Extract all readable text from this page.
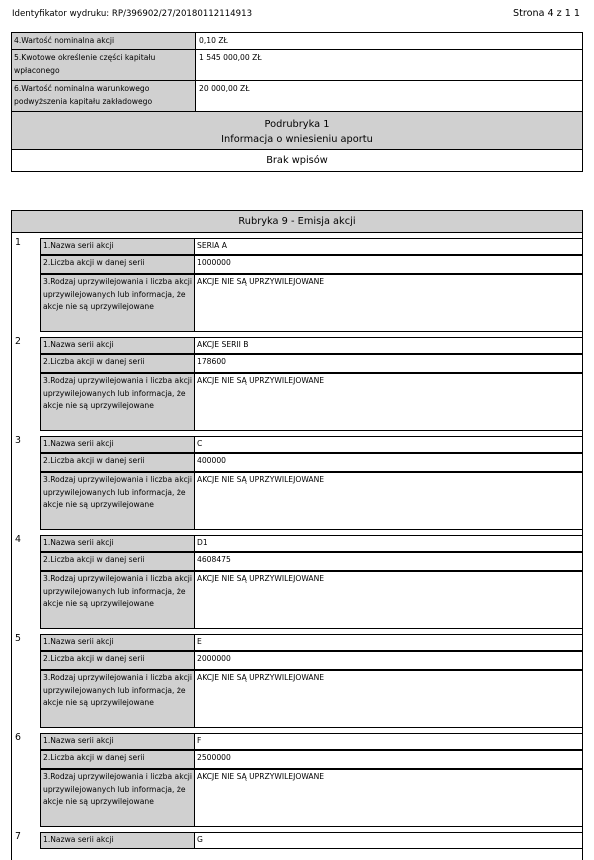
Identyfikator wydruku: RP/396902/27/20180112114913	Strona 4 z 1 1
4.Wartość nominalna akcji	0,10 ZŁ
5.Kwotowe określenie części kapitału wpłaconego
1 545 000,00 ZŁ
6.Wartość nominalna warunkowego podwyższenia kapitału zakładowego
20 000,00 ZŁ
Podrubryka 1
Informacja o wniesieniu aportu
Brak wpisów
Rubryka 9 - Emisja akcji
1	1.Nazwa serii akcji	SERIA A
2.Liczba akcji w danej serii	1000000
3.Rodzaj uprzywilejowania i liczba akcji uprzywilejowanych lub informacja, że akcje nie są uprzywilejowane
AKCJE NIE SĄ UPRZYWILEJOWANE
2	1.Nazwa serii akcji	AKCJE SERII B
2.Liczba akcji w danej serii	178600
3.Rodzaj uprzywilejowania i liczba akcji uprzywilejowanych lub informacja, że akcje nie są uprzywilejowane
AKCJE NIE SĄ UPRZYWILEJOWANE
3	1.Nazwa serii akcji	C
2.Liczba akcji w danej serii	400000
3.Rodzaj uprzywilejowania i liczba akcji uprzywilejowanych lub informacja, że akcje nie są uprzywilejowane
AKCJE NIE SĄ UPRZYWILEJOWANE
4	1.Nazwa serii akcji	D1
2.Liczba akcji w danej serii	4608475
3.Rodzaj uprzywilejowania i liczba akcji uprzywilejowanych lub informacja, że akcje nie są uprzywilejowane
AKCJE NIE SĄ UPRZYWILEJOWANE
5	1.Nazwa serii akcji	E
2.Liczba akcji w danej serii	2000000
3.Rodzaj uprzywilejowania i liczba akcji uprzywilejowanych lub informacja, że akcje nie są uprzywilejowane
AKCJE NIE SĄ UPRZYWILEJOWANE
6	1.Nazwa serii akcji	F
2.Liczba akcji w danej serii	2500000
3.Rodzaj uprzywilejowania i liczba akcji uprzywilejowanych lub informacja, że akcje nie są uprzywilejowane
AKCJE NIE SĄ UPRZYWILEJOWANE
7	1.Nazwa serii akcji	G
